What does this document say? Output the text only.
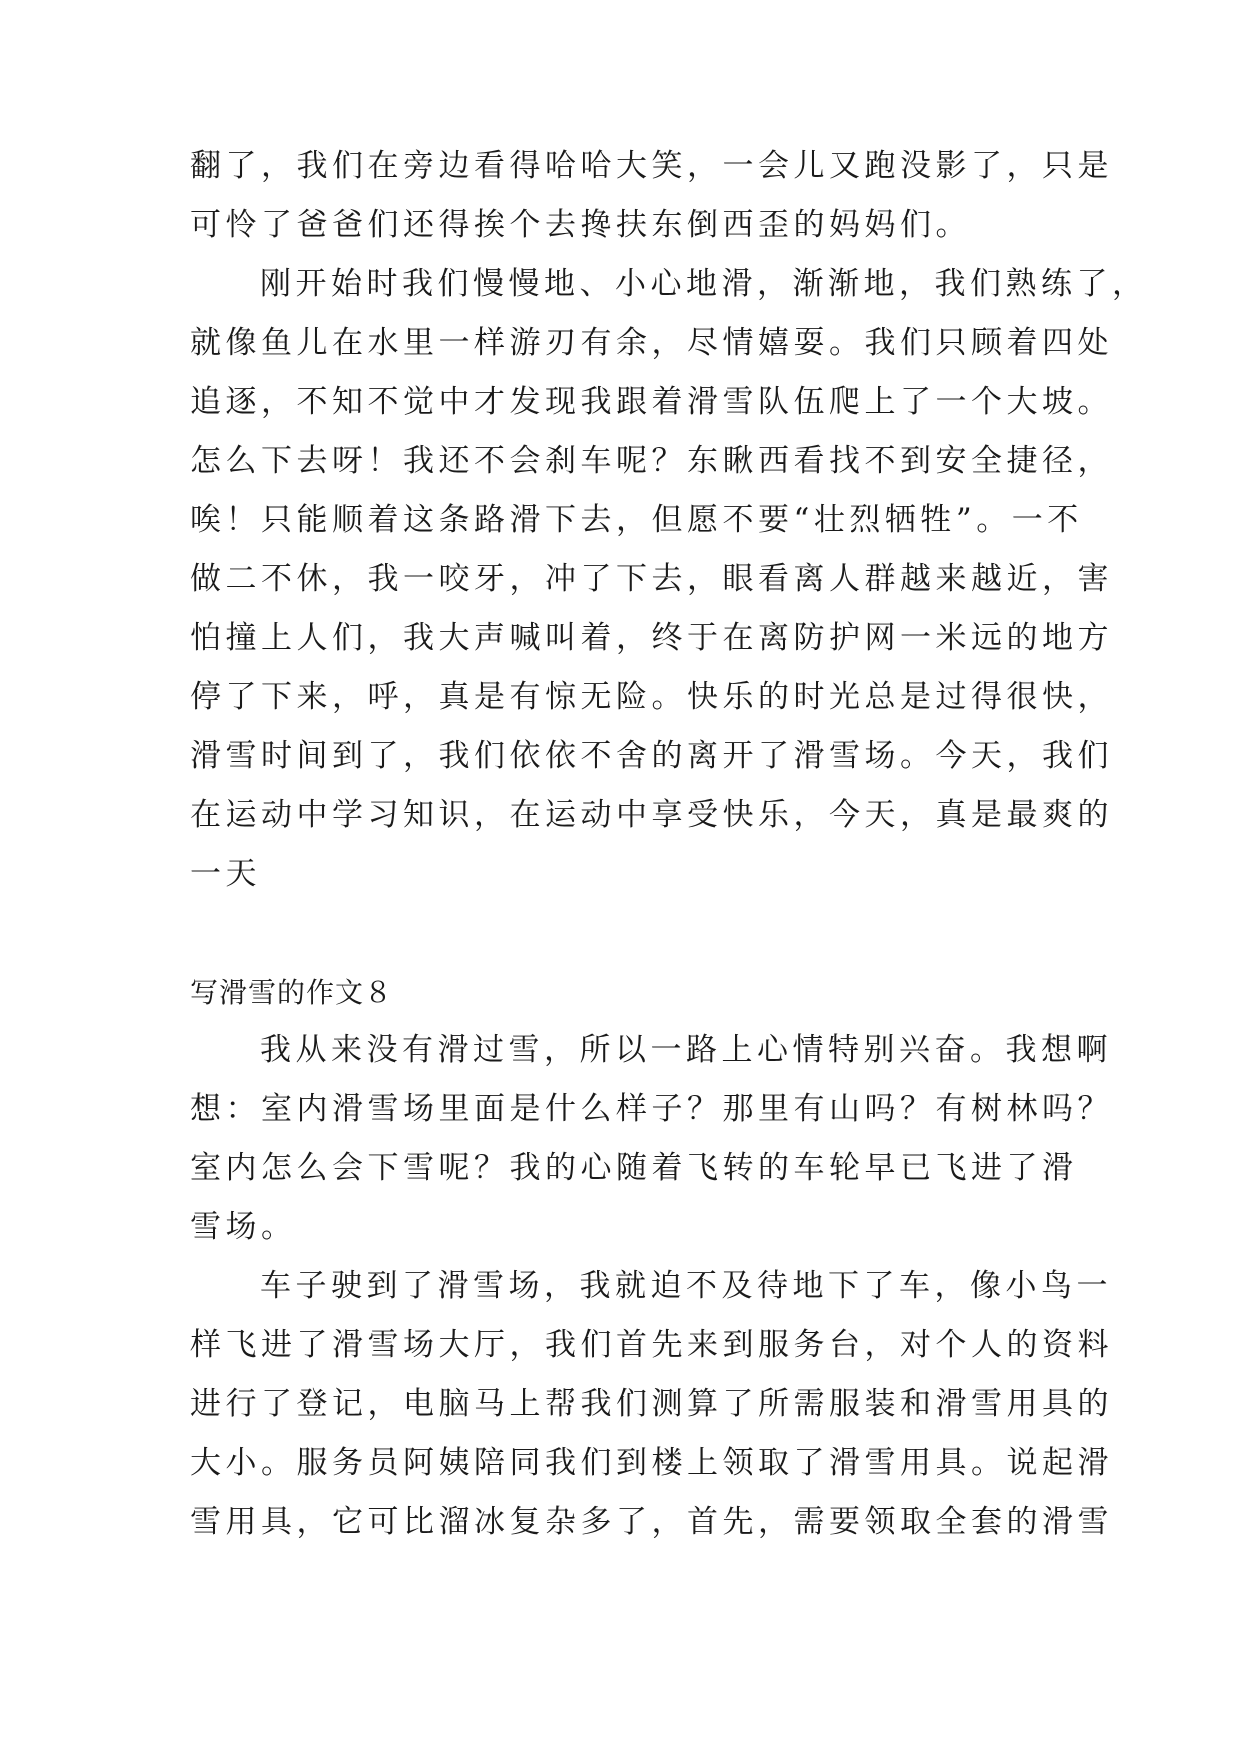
翻了，我们在旁边看得哈哈大笑，一会儿又跑没影了，只是
可怜了爸爸们还得挨个去搀扶东倒西歪的妈妈们。
刚开始时我们慢慢地、小心地滑，渐渐地，我们熟练了，
就像鱼儿在水里一样游刃有余，尽情嬉耍。我们只顾着四处
追逐，不知不觉中才发现我跟着滑雪队伍爬上了一个大坡。
怎么下去呀！我还不会刹车呢？东瞅西看找不到安全捷径，
唉！只能顺着这条路滑下去，但愿不要“壮烈牺牲”。一不
做二不休，我一咬牙，冲了下去，眼看离人群越来越近，害
怕撞上人们，我大声喊叫着，终于在离防护网一米远的地方
停了下来，呼，真是有惊无险。快乐的时光总是过得很快，
滑雪时间到了，我们依依不舍的离开了滑雪场。今天，我们
在运动中学习知识，在运动中享受快乐，今天，真是最爽的
一天
写滑雪的作文８
我从来没有滑过雪，所以一路上心情特别兴奋。我想啊
想：室内滑雪场里面是什么样子？那里有山吗？有树林吗？
室内怎么会下雪呢？我的心随着飞转的车轮早已飞进了滑
雪场。
车子驶到了滑雪场，我就迫不及待地下了车，像小鸟一
样飞进了滑雪场大厅，我们首先来到服务台，对个人的资料
进行了登记，电脑马上帮我们测算了所需服装和滑雪用具的
大小。服务员阿姨陪同我们到楼上领取了滑雪用具。说起滑
雪用具，它可比溜冰复杂多了，首先，需要领取全套的滑雪
